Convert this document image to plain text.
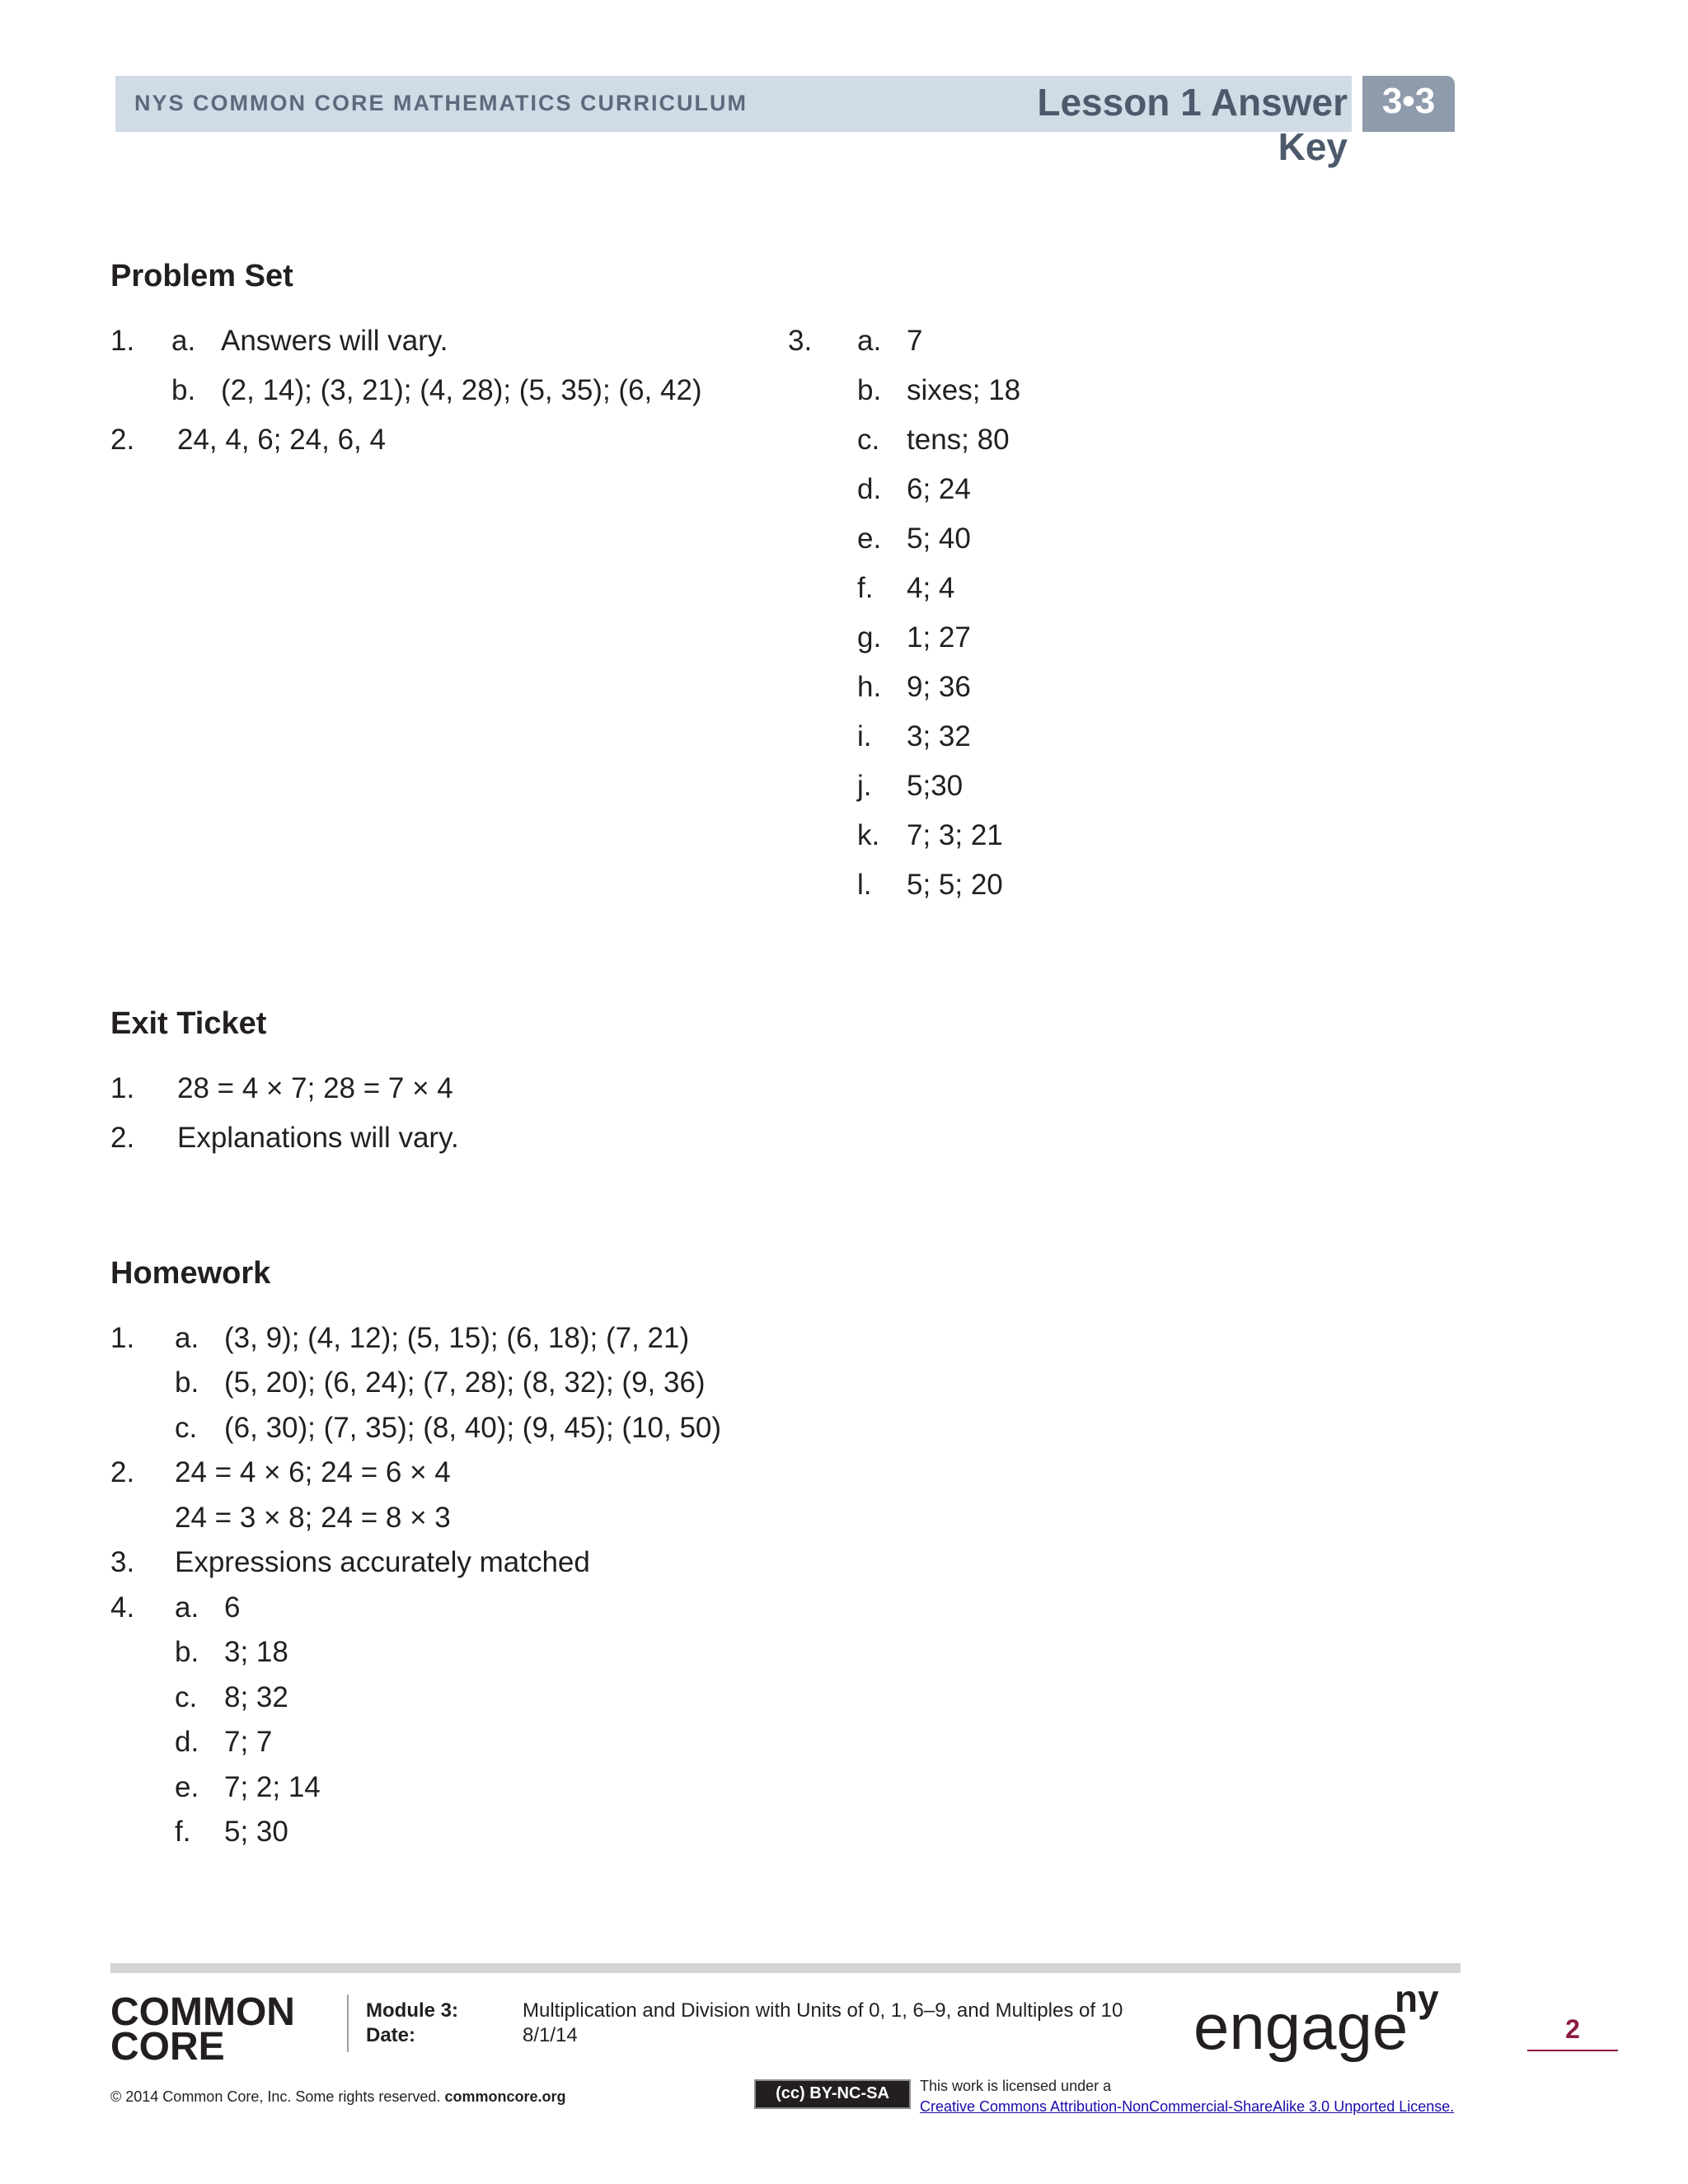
NYS COMMON CORE MATHEMATICS CURRICULUM	Lesson 1 Answer Key
3•3
Problem Set
1. a. Answers will vary.
b. (2, 14); (3, 21); (4, 28); (5, 35); (6, 42)
2. 24, 4, 6; 24, 6, 4
3. a. 7
b. sixes; 18
c. tens; 80
d. 6; 24
e. 5; 40
f. 4; 4
g. 1; 27
h. 9; 36
i. 3; 32
j. 5;30
k. 7; 3; 21
l. 5; 5; 20
Exit Ticket
1. 28 = 4 × 7; 28 = 7 × 4
2. Explanations will vary.
Homework
1. a. (3, 9); (4, 12); (5, 15); (6, 18); (7, 21)
b. (5, 20); (6, 24); (7, 28); (8, 32); (9, 36)
c. (6, 30); (7, 35); (8, 40); (9, 45); (10, 50)
2. 24 = 4 × 6; 24 = 6 × 4
24 = 3 × 8; 24 = 8 × 3
3. Expressions accurately matched
4. a. 6
b. 3; 18
c. 8; 32
d. 7; 7
e. 7; 2; 14
f. 5; 30
COMMON
CORE
Module 3:	Multiplication and Division with Units of 0, 1, 6–9, and Multiples of 10
Date:	8/1/14	engage
ny
2
© 2014 Common Core, Inc. Some rights reserved. commoncore.org	(cc) BY-NC-SA	This work is licensed under a
Creative Commons Attribution-NonCommercial-ShareAlike 3.0 Unported License.
